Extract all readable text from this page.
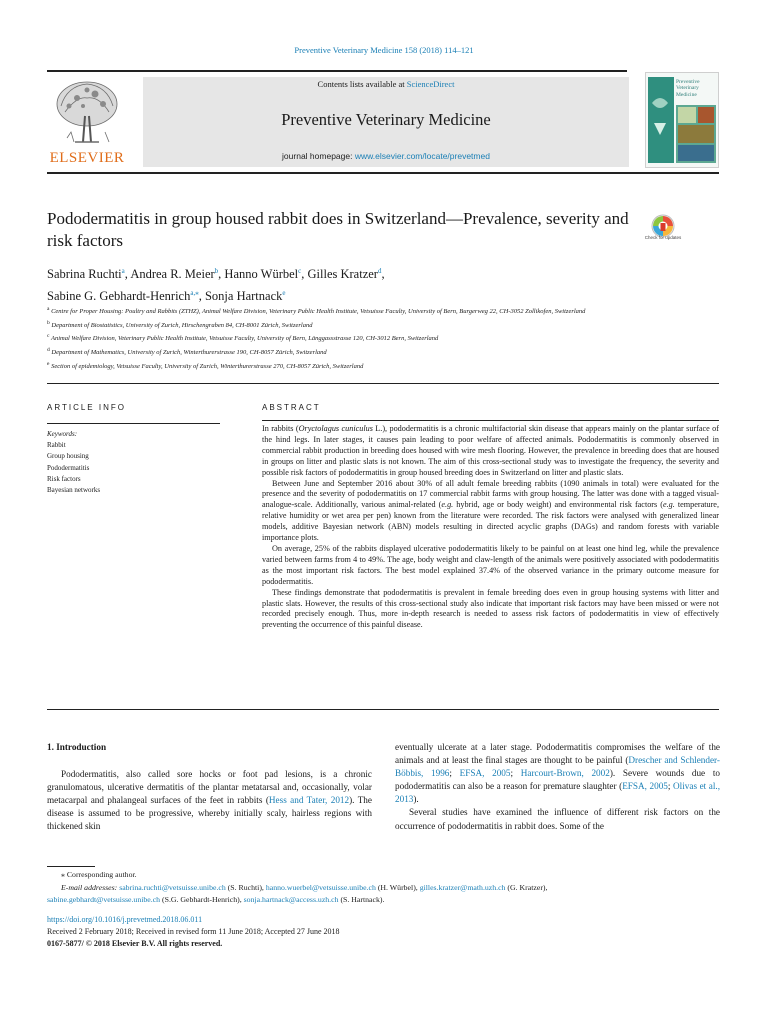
Preventive Veterinary Medicine 158 (2018) 114–121
ELSEVIER
Contents lists available at ScienceDirect
Preventive Veterinary Medicine
journal homepage: www.elsevier.com/locate/prevetmed
Preventive Veterinary Medicine
Pododermatitis in group housed rabbit does in Switzerland—Prevalence, severity and risk factors	Check for updates
Sabrina Ruchti$^a$, Andrea R. Meier$^b$, Hanno Würbel$^c$, Gilles Kratzer$^d$,
Sabine G. Gebhardt-Henrich$^{a,⁎}$, Sonja Hartnack$^e$
$^a$ Centre for Proper Housing: Poultry and Rabbits (ZTHZ), Animal Welfare Division, Veterinary Public Health Institute, Vetsuisse Faculty, University of Bern, Burgerweg 22, CH-3052 Zollikofen, Switzerland
$^b$ Department of Biostatistics, University of Zurich, Hirschengraben 84, CH-8001 Zürich, Switzerland
$^c$ Animal Welfare Division, Veterinary Public Health Institute, Vetsuisse Faculty, University of Bern, Länggassstrasse 120, CH-3012 Bern, Switzerland
$^d$ Department of Mathematics, University of Zurich, Winterthurerstrasse 190, CH-8057 Zürich, Switzerland
$^e$ Section of epidemiology, Vetsuisse Faculty, University of Zurich, Winterthurerstrasse 270, CH-8057 Zürich, Switzerland
ARTICLE INFO
Keywords:
Rabbit
Group housing
Pododermatitis
Risk factors
Bayesian networks
ABSTRACT

In rabbits (Oryctolagus cuniculus L.), pododermatitis is a chronic multifactorial skin disease that appears mainly on the plantar surface of the hind legs. In later stages, it causes pain leading to poor welfare of affected animals. Pododermatitis is commonly observed in commercial rabbit production in breeding does housed with wire mesh flooring. However, the prevalence in breeding does that are housed in groups on litter and plastic slats is not known. The aim of this cross-sectional study was to investigate the frequency, the severity and possible risk factors of pododermatitis in group housed breeding does in Switzerland on litter and plastic slats.

Between June and September 2016 about 30% of all adult female breeding rabbits (1090 animals in total) were evaluated for the presence and the severity of pododermatitis on 17 commercial rabbit farms with group housing. The latter was done with a tagged visual-analogue-scale. Additionally, various animal-related (e.g. hybrid, age or body weight) and environmental risk factors (e.g. temperature, relative humidity or wet area per pen) known from the literature were recorded. The risk factors were analysed with generalized linear models, additive Bayesian network (ABN) models resulting in directed acyclic graphs (DAGs) and random forests with variable importance plots.

On average, 25% of the rabbits displayed ulcerative pododermatitis likely to be painful on at least one hind leg, while the prevalence varied between farms from 4 to 49%. The age, body weight and claw-length of the animals were positively associated with pododermatitis as the most important risk factors. The best model explained 37.4% of the observed variance in the primary outcome measure for pododermatitis.

These findings demonstrate that pododermatitis is prevalent in female breeding does even in group housing systems with litter and plastic slats. However, the results of this cross-sectional study also indicate that important risk factors may have been missed or were not recorded precisely enough. Thus, more in-depth research is needed to assess risk factors of pododermatitis in view of effectively preventing the occurrence of this painful disease.

1. Introduction

Pododermatitis, also called sore hocks or foot pad lesions, is a chronic granulomatous, ulcerative dermatitis of the plantar metatarsal and, occasionally, volar metacarpal and phalangeal surfaces of the feet in rabbits (Hess and Tater, 2012). The disease is assumed to be progressive, whereby initially scaly, hairless regions with thickened skin

eventually ulcerate at a later stage. Pododermatitis compromises the welfare of the animals and at least the final stages are thought to be painful (Drescher and Schlender-Böbbis, 1996; EFSA, 2005; Harcourt-Brown, 2002). Severe wounds due to pododermatitis can also be a reason for premature slaughter (EFSA, 2005; Olivas et al., 2013).

Several studies have examined the influence of different risk factors on the occurrence of pododermatitis in rabbit does. Some of the

⁎ Corresponding author.
E-mail addresses: sabrina.ruchti@vetsuisse.unibe.ch (S. Ruchti), hanno.wuerbel@vetsuisse.unibe.ch (H. Würbel), gilles.kratzer@math.uzh.ch (G. Kratzer),
sabine.gebhardt@vetsuisse.unibe.ch (S.G. Gebhardt-Henrich), sonja.hartnack@access.uzh.ch (S. Hartnack).
https://doi.org/10.1016/j.prevetmed.2018.06.011
Received 2 February 2018; Received in revised form 11 June 2018; Accepted 27 June 2018
0167-5877/ © 2018 Elsevier B.V. All rights reserved.
